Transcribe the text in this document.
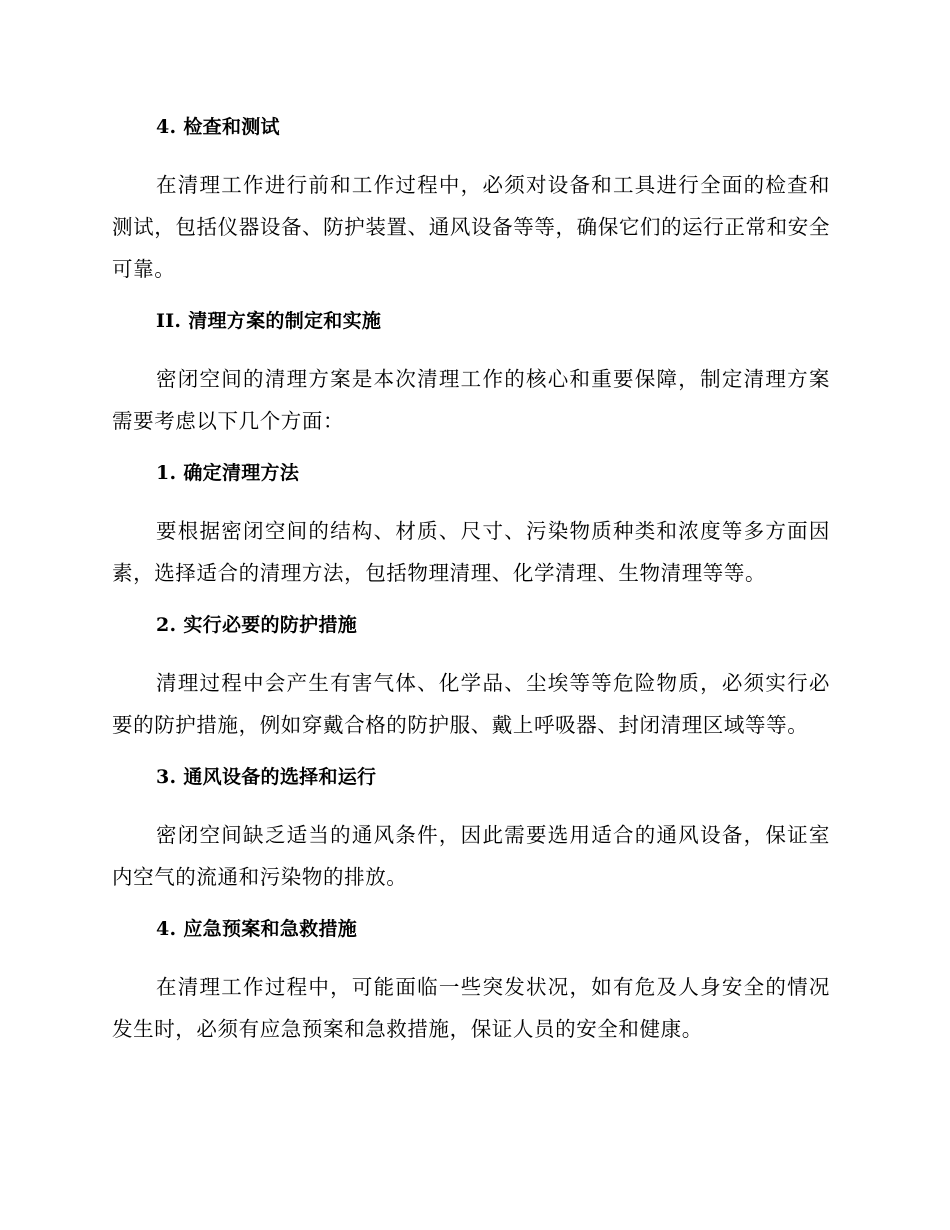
4. 检查和测试

在清理工作进行前和工作过程中，必须对设备和工具进行全面的检查和测试，包括仪器设备、防护装置、通风设备等等，确保它们的运行正常和安全可靠。

II. 清理方案的制定和实施

密闭空间的清理方案是本次清理工作的核心和重要保障，制定清理方案需要考虑以下几个方面：

1. 确定清理方法

要根据密闭空间的结构、材质、尺寸、污染物质种类和浓度等多方面因素，选择适合的清理方法，包括物理清理、化学清理、生物清理等等。

2. 实行必要的防护措施

清理过程中会产生有害气体、化学品、尘埃等等危险物质，必须实行必要的防护措施，例如穿戴合格的防护服、戴上呼吸器、封闭清理区域等等。

3. 通风设备的选择和运行

密闭空间缺乏适当的通风条件，因此需要选用适合的通风设备，保证室内空气的流通和污染物的排放。

4. 应急预案和急救措施

在清理工作过程中，可能面临一些突发状况，如有危及人身安全的情况发生时，必须有应急预案和急救措施，保证人员的安全和健康。
